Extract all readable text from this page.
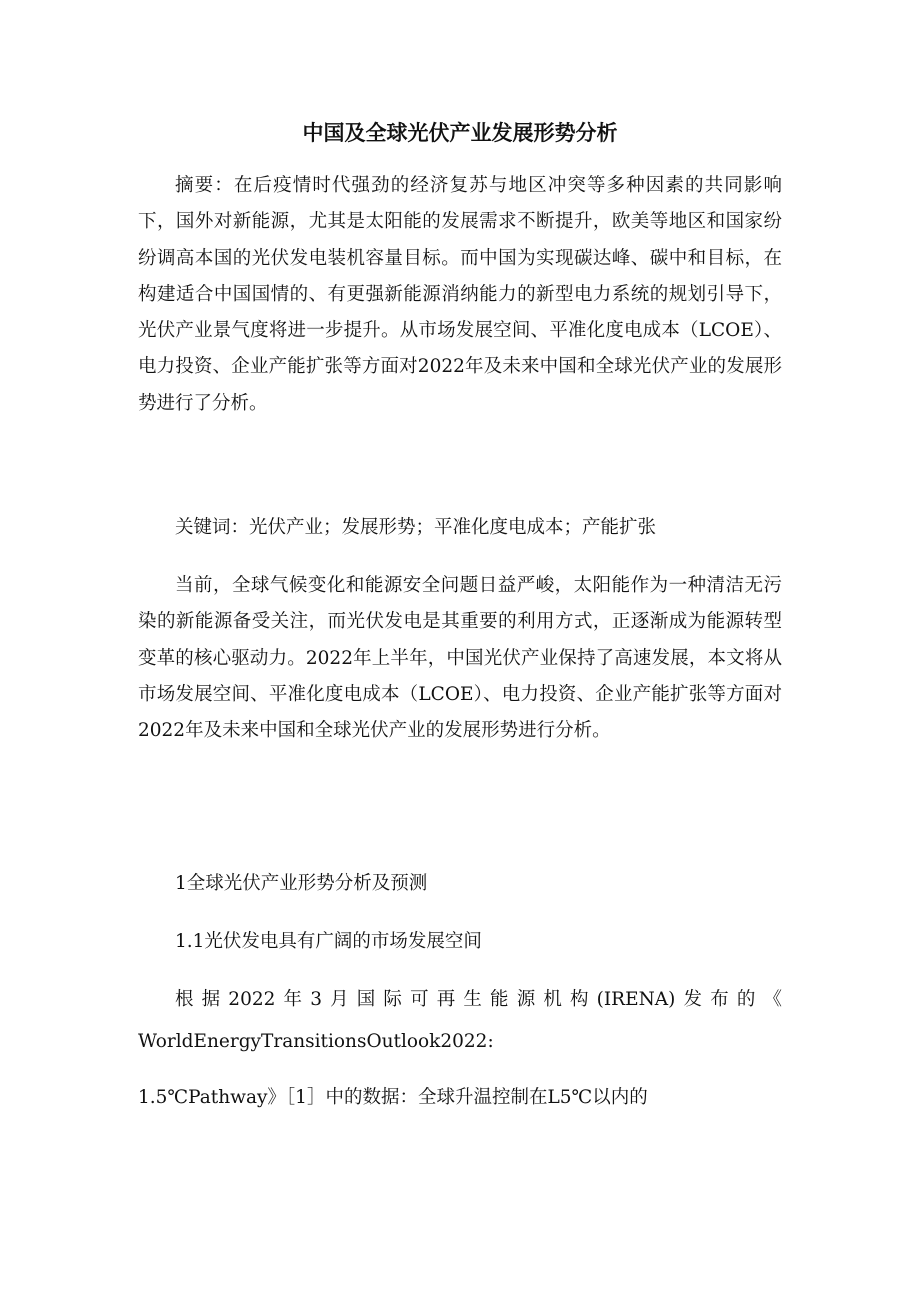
中国及全球光伏产业发展形势分析

摘要：在后疫情时代强劲的经济复苏与地区冲突等多种因素的共同影响下，国外对新能源，尤其是太阳能的发展需求不断提升，欧美等地区和国家纷纷调高本国的光伏发电装机容量目标。而中国为实现碳达峰、碳中和目标，在构建适合中国国情的、有更强新能源消纳能力的新型电力系统的规划引导下，光伏产业景气度将进一步提升。从市场发展空间、平准化度电成本（LCOE）、电力投资、企业产能扩张等方面对2022年及未来中国和全球光伏产业的发展形势进行了分析。

关键词：光伏产业；发展形势；平准化度电成本；产能扩张

当前，全球气候变化和能源安全问题日益严峻，太阳能作为一种清洁无污染的新能源备受关注，而光伏发电是其重要的利用方式，正逐渐成为能源转型变革的核心驱动力。2022年上半年，中国光伏产业保持了高速发展，本文将从市场发展空间、平准化度电成本（LCOE）、电力投资、企业产能扩张等方面对2022年及未来中国和全球光伏产业的发展形势进行分析。

1全球光伏产业形势分析及预测

1.1光伏发电具有广阔的市场发展空间

根据2022年3月国际可再生能源机构(IRENA)发布的《

WorldEnergyTransitionsOutlook2022:

1.5℃Pathway》［1］中的数据：全球升温控制在L5℃以内的
